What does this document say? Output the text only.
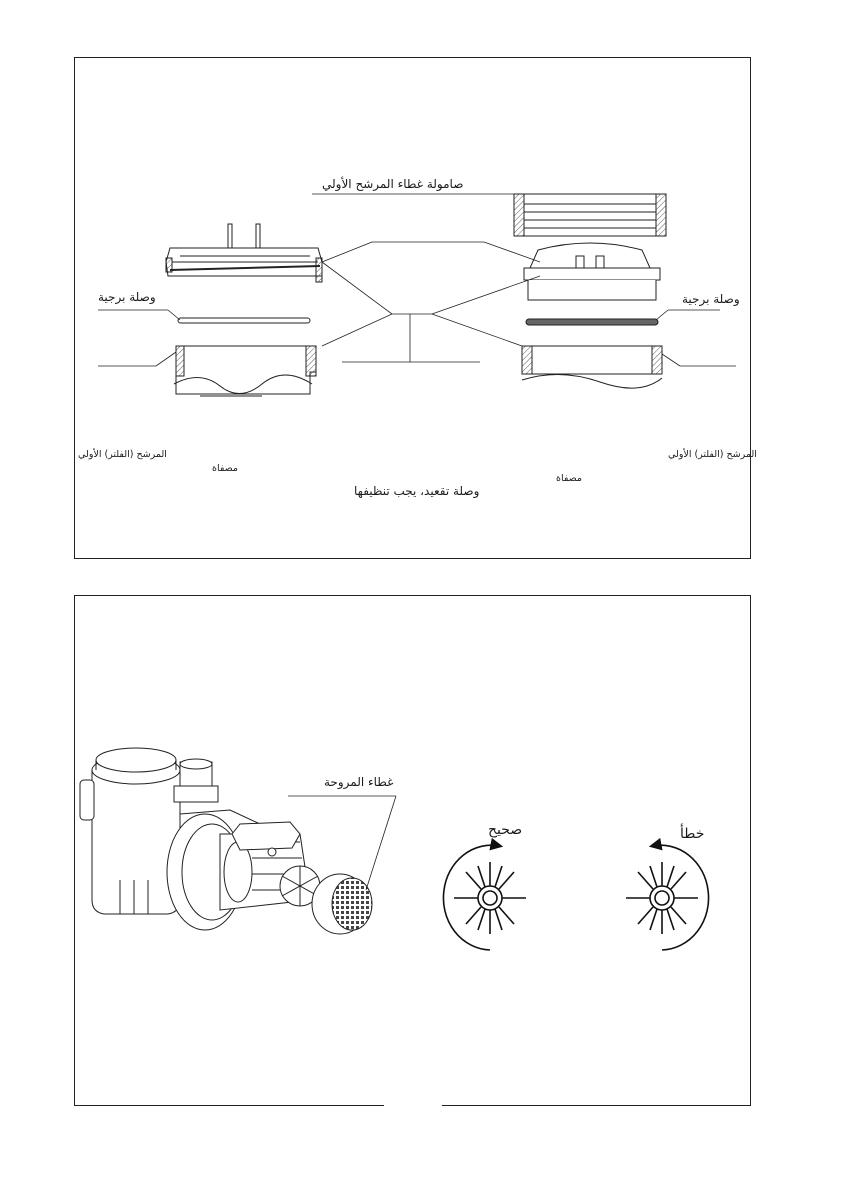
صامولة غطاء المرشح الأولي
وصلة برجية	وصلة برجية
المرشح (الفلتر) الأولي	المرشح (الفلتر) الأولي
مصفاة
مصفاة
وصلة تقعيد، يجب تنظيفها
غطاء المروحة
صحيح	خطأ
